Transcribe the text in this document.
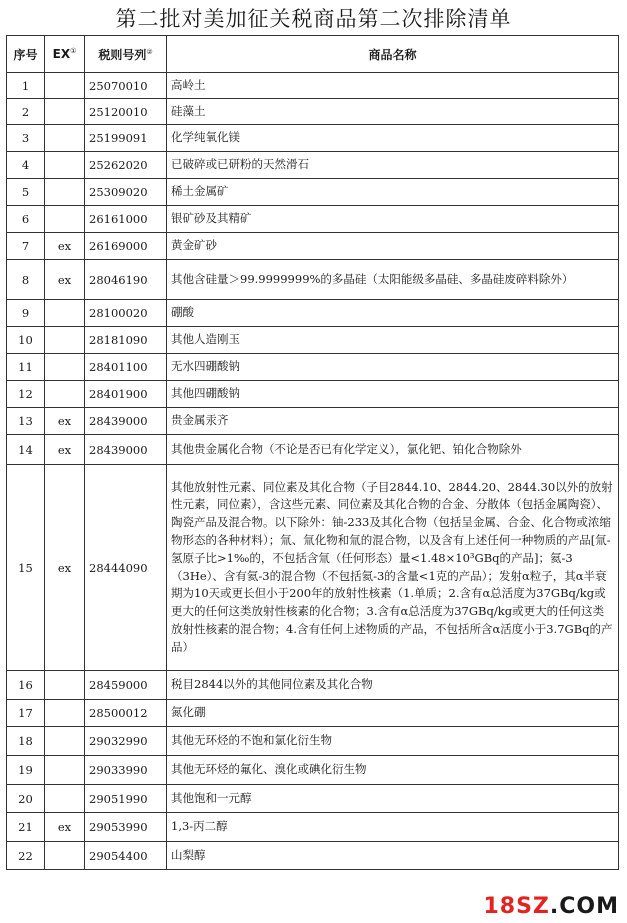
第二批对美加征关税商品第二次排除清单
序号	EX①	税则号列②	商品名称
1		25070010	高岭土
2		25120010	硅藻土
3		25199091	化学纯氧化镁
4		25262020	已破碎或已研粉的天然滑石
5		25309020	稀土金属矿
6		26161000	银矿砂及其精矿
7	ex	26169000	黄金矿砂
8	ex	28046190	其他含硅量＞99.9999999%的多晶硅（太阳能级多晶硅、多晶硅废碎料除外）
9		28100020	硼酸
10		28181090	其他人造刚玉
11		28401100	无水四硼酸钠
12		28401900	其他四硼酸钠
13	ex	28439000	贵金属汞齐
14	ex	28439000	其他贵金属化合物（不论是否已有化学定义），氯化钯、铂化合物除外
15	ex	28444090	其他放射性元素、同位素及其化合物（子目2844.10、2844.20、2844.30以外的放射性元素，同位素），含这些元素、同位素及其化合物的合金、分散体（包括金属陶瓷）、陶瓷产品及混合物。以下除外：铀-233及其化合物（包括呈金属、合金、化合物或浓缩物形态的各种材料）；氚、氚化物和氚的混合物，以及含有上述任何一种物质的产品[氚-氢原子比>1‰的，不包括含氚（任何形态）量<1.48×10³GBq的产品]；氦-3（3He）、含有氦-3的混合物（不包括氦-3的含量<1克的产品）；发射α粒子，其α半衰期为10天或更长但小于200年的放射性核素（1.单质；2.含有α总活度为37GBq/kg或更大的任何这类放射性核素的化合物；3.含有α总活度为37GBq/kg或更大的任何这类放射性核素的混合物；4.含有任何上述物质的产品，不包括所含α活度小于3.7GBq的产品）
16		28459000	税目2844以外的其他同位素及其化合物
17		28500012	氮化硼
18		29032990	其他无环烃的不饱和氯化衍生物
19		29033990	其他无环烃的氟化、溴化或碘化衍生物
20		29051990	其他饱和一元醇
21	ex	29053990	1,3-丙二醇
22		29054400	山梨醇
18SZ.COM
